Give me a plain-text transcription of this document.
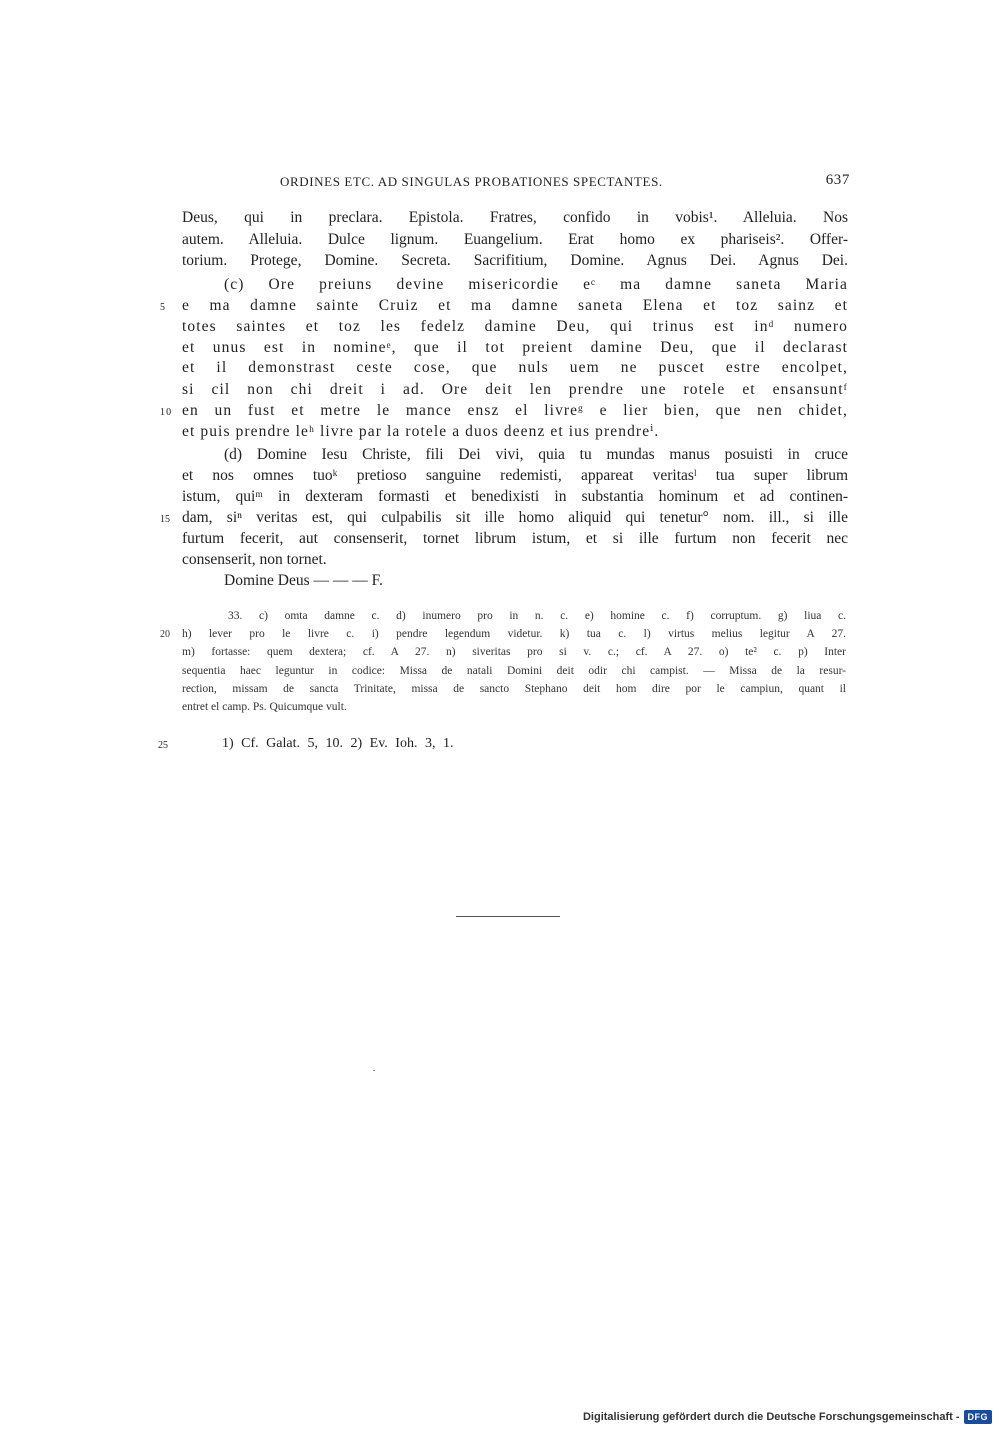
ORDINES ETC. AD SINGULAS PROBATIONES SPECTANTES.	637
Deus, qui in preclara. Epistola. Fratres, confido in vobis¹. Alleluia. Nos
autem. Alleluia. Dulce lignum. Euangelium. Erat homo ex phariseis². Offer-
torium. Protege, Domine. Secreta. Sacrifitium, Domine. Agnus Dei. Agnus Dei.
(c) Ore preiuns devine misericordie eᶜ ma damne saneta Maria
5 e ma damne sainte Cruiz et ma damne saneta Elena et toz sainz et
totes saintes et toz les fedelz damine Deu, qui trinus est inᵈ numero
et unus est in nomineᵉ, que il tot preient damine Deu, que il declarast
et il demonstrast ceste cose, que nuls uem ne puscet estre encolpet,
si cil non chi dreit i ad. Ore deit len prendre une rotele et ensansuntᶠ
10 en un fust et metre le mance ensz el livreᵍ e lier bien, que nen chidet,
et puis prendre leʰ livre par la rotele a duos deenz et ius prendreⁱ.
(d) Domine Iesu Christe, fili Dei vivi, quia tu mundas manus posuisti in cruce
et nos omnes tuoᵏ pretioso sanguine redemisti, appareat veritasˡ tua super librum
istum, quiᵐ in dexteram formasti et benedixisti in substantia hominum et ad continen-
15 dam, siⁿ veritas est, qui culpabilis sit ille homo aliquid qui tenetur° nom. ill., si ille
furtum fecerit, aut consenserit, tornet librum istum, et si ille furtum non fecerit nec
consenserit, non tornet.
Domine Deus — — — F.
33. c) omta damne c. d) inumero pro in n. c. e) homine c. f) corruptum. g) liua c.
20 h) lever pro le livre c. i) pendre legendum videtur. k) tua c. l) virtus melius legitur A 27.
m) fortasse: quem dextera; cf. A 27. n) siveritas pro si v. c.; cf. A 27. o) te² c. p) Inter
sequentia haec leguntur in codice: Missa de natali Domini deit odir chi campist. — Missa de la resur-
rection, missam de sancta Trinitate, missa de sancto Stephano deit hom dire por le campiun, quant il
entret el camp. Ps. Quicumque vult.
25	1) Cf. Galat. 5, 10. 2) Ev. Ioh. 3, 1.
Digitalisierung gefördert durch die Deutsche Forschungsgemeinschaft - DFG
